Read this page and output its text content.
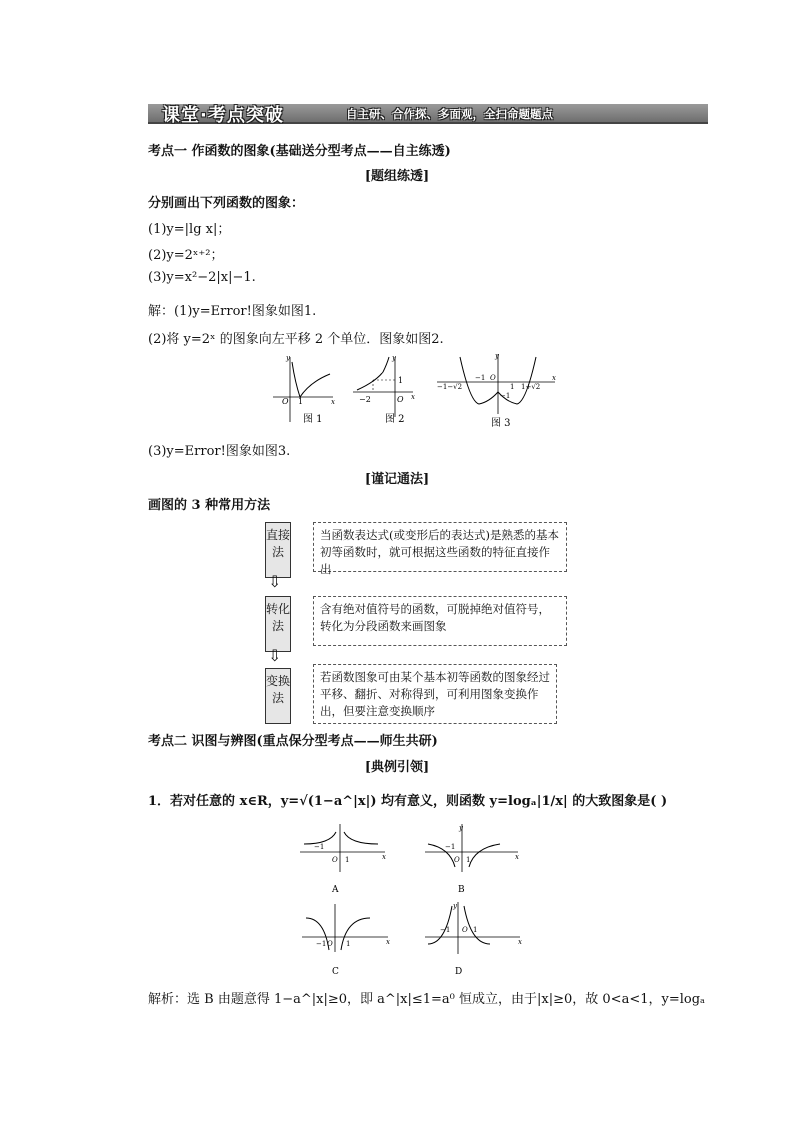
课堂·考点突破	自主研、合作探、多面观，全扫命题题点
考点一 作函数的图象(基础送分型考点——自主练透)
[题组练透]
分别画出下列函数的图象：
(1)y=|lg x|；
(2)y=2ˣ⁺²；
(3)y=x²−2|x|−1.
解：(1)y=Error!图象如图1.
(2)将 y=2ˣ 的图象向左平移 2 个单位．图象如图2.
O 1	x
y
图 1
1
−2	O x
y
图 2
−1−√2
−1 O
1 1+√2
−1
x
y
图 3
(3)y=Error!图象如图3.
[谨记通法]
画图的 3 种常用方法
直接法
当函数表达式(或变形后的表达式)是熟悉的基本初等函数时，就可根据这些函数的特征直接作出
⇩
转化法
含有绝对值符号的函数，可脱掉绝对值符号，转化为分段函数来画图象
⇩
变换法
若函数图象可由某个基本初等函数的图象经过平移、翻折、对称得到，可利用图象变换作出，但要注意变换顺序
考点二 识图与辨图(重点保分型考点——师生共研)
[典例引领]
1．若对任意的 x∈R，y=√(1−a^|x|) 均有意义，则函数 y=logₐ|1/x| 的大致图象是( )
−1
O 1	x
A
−1
O 1	x
y
B
−1 O 1	x
C
−1 O 1
x
y
D
解析：选 B 由题意得 1−a^|x|≥0，即 a^|x|≤1=a⁰ 恒成立，由于|x|≥0，故 0<a<1，y=logₐ
